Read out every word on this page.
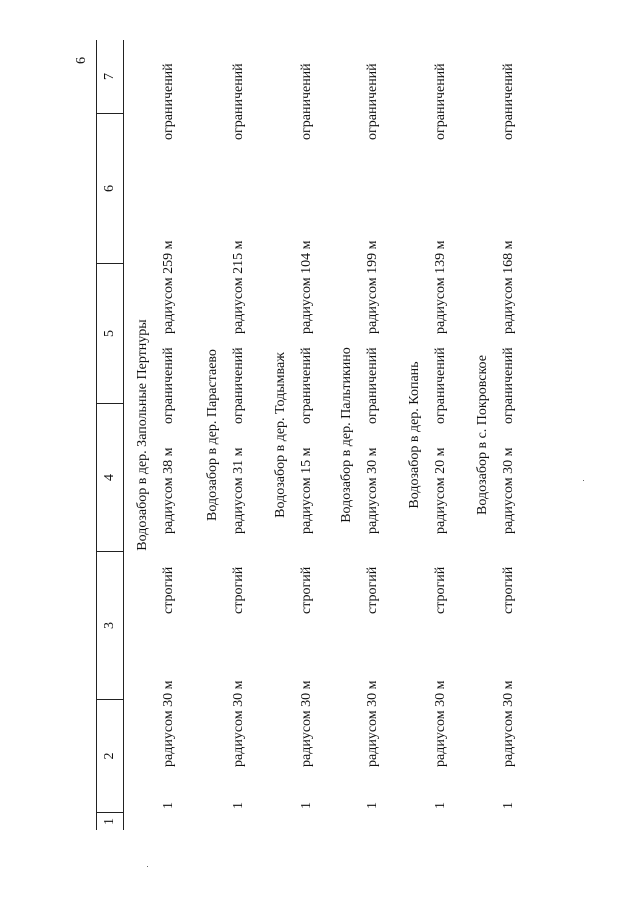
6
1
2
3
4
5
6
7
Водозабор в дер. Запольные Пертнуры
1
радиусом 30 м
строгий
радиусом 38 м
ограничений
радиусом 259 м
ограничений
Водозабор в дер. Парастаево
1
радиусом 30 м
строгий
радиусом 31 м
ограничений
радиусом 215 м
ограничений
Водозабор в дер. Тодымваж
1
радиусом 30 м
строгий
радиусом 15 м
ограничений
радиусом 104 м
ограничений
Водозабор в дер. Пальтикино
1
радиусом 30 м
строгий
радиусом 30 м
ограничений
радиусом 199 м
ограничений
Водозабор в дер. Копань
1
радиусом 30 м
строгий
радиусом 20 м
ограничений
радиусом 139 м
ограничений
Водозабор в с. Покровское
1
радиусом 30 м
строгий
радиусом 30 м
ограничений
радиусом 168 м
ограничений
